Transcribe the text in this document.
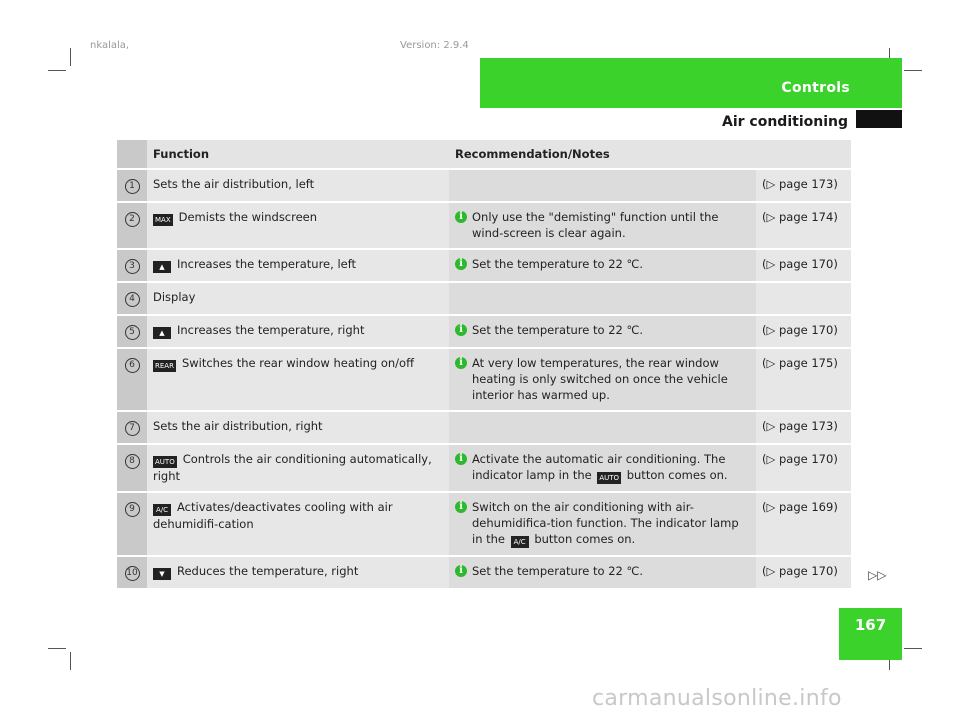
nkalala,	Version: 2.9.4
Controls
Air conditioning
	Function	Recommendation/Notes	
1	Sets the air distribution, left		(▷ page 173)
2	MAX Demists the windscreen	i Only use the "demisting" function until the wind-screen is clear again.	(▷ page 174)
3	▲ Increases the temperature, left	i Set the temperature to 22 ℃.	(▷ page 170)
4	Display		
5	▲ Increases the temperature, right	i Set the temperature to 22 ℃.	(▷ page 170)
6	REAR Switches the rear window heating on/off	i At very low temperatures, the rear window heating is only switched on once the vehicle interior has warmed up.	(▷ page 175)
7	Sets the air distribution, right		(▷ page 173)
8	AUTO Controls the air conditioning automatically, right	i Activate the automatic air conditioning. The indicator lamp in the AUTO button comes on.	(▷ page 170)
9	A/C Activates/deactivates cooling with air dehumidifi-cation	i Switch on the air conditioning with air-dehumidifica-tion function. The indicator lamp in the A/C button comes on.	(▷ page 169)
10	▼ Reduces the temperature, right	i Set the temperature to 22 ℃.	(▷ page 170)	▷▷
167
carmanualsonline.info
